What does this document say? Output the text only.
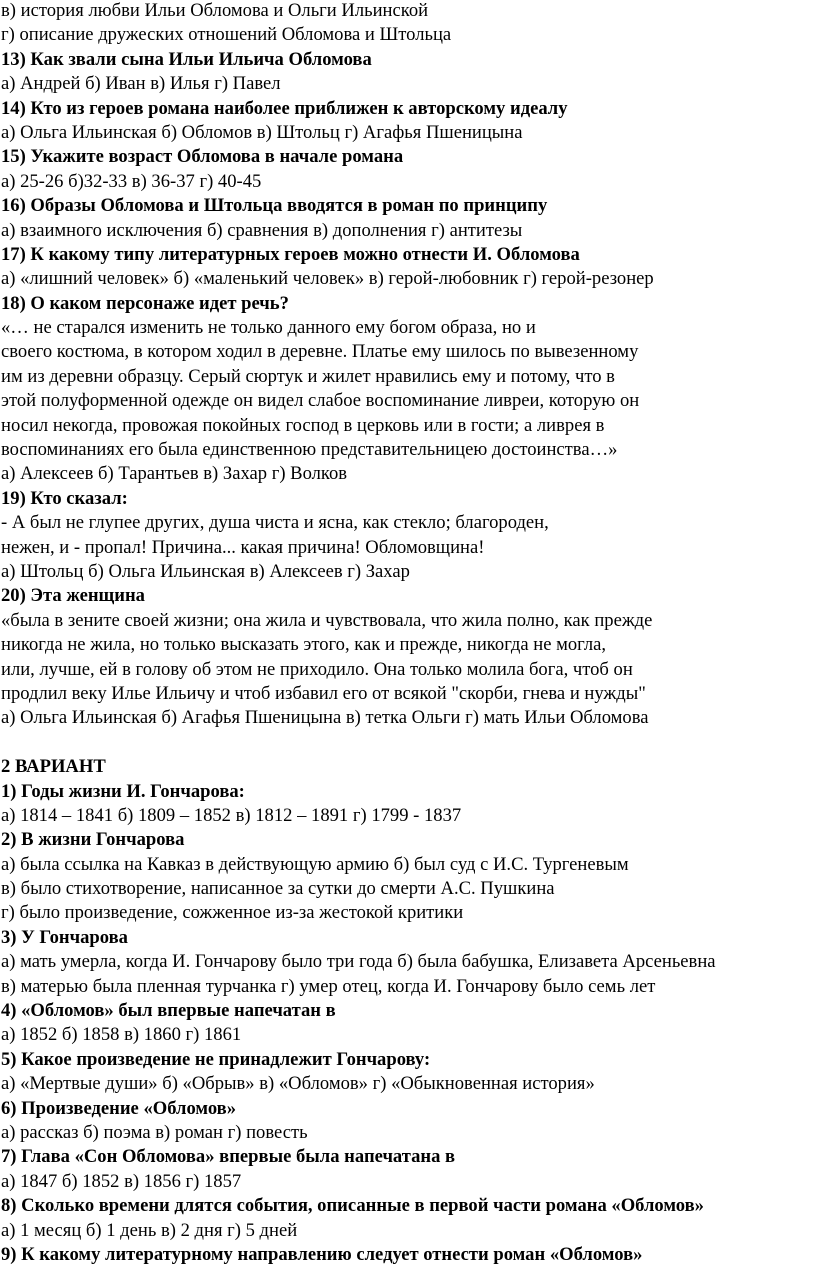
в) история любви Ильи Обломова и Ольги Ильинской
г) описание дружеских отношений Обломова и Штольца
13) Как звали сына Ильи Ильича Обломова
а) Андрей б) Иван в) Илья г) Павел
14) Кто из героев романа наиболее приближен к авторскому идеалу
а) Ольга Ильинская б) Обломов в) Штольц г) Агафья Пшеницына
15) Укажите возраст Обломова в начале романа
а) 25-26 б)32-33 в) 36-37 г) 40-45
16) Образы Обломова и Штольца вводятся в роман по принципу
а) взаимного исключения б) сравнения в) дополнения г) антитезы
17) К какому типу литературных героев можно отнести И. Обломова
а) «лишний человек» б) «маленький человек» в) герой-любовник г) герой-резонер
18) О каком персонаже идет речь?
«… не старался изменить не только данного ему богом образа, но и
своего костюма, в котором ходил в деревне. Платье ему шилось по вывезенному
им из деревни образцу. Серый сюртук и жилет нравились ему и потому, что в
этой полуформенной одежде он видел слабое воспоминание ливреи, которую он
носил некогда, провожая покойных господ в церковь или в гости; а ливрея в
воспоминаниях его была единственною представительницею достоинства…»
а) Алексеев б) Тарантьев в) Захар г) Волков
19) Кто сказал:
- А был не глупее других, душа чиста и ясна, как стекло; благороден,
нежен, и - пропал! Причина... какая причина! Обломовщина!
а) Штольц б) Ольга Ильинская в) Алексеев г) Захар
20) Эта женщина
«была в зените своей жизни; она жила и чувствовала, что жила полно, как прежде
никогда не жила, но только высказать этого, как и прежде, никогда не могла,
или, лучше, ей в голову об этом не приходило. Она только молила бога, чтоб он
продлил веку Илье Ильичу и чтоб избавил его от всякой "скорби, гнева и нужды"
а) Ольга Ильинская б) Агафья Пшеницына в) тетка Ольги г) мать Ильи Обломова
2 ВАРИАНТ
1) Годы жизни И. Гончарова:
а) 1814 – 1841 б) 1809 – 1852 в) 1812 – 1891 г) 1799 - 1837
2) В жизни Гончарова
а) была ссылка на Кавказ в действующую армию б) был суд с И.С. Тургеневым
в) было стихотворение, написанное за сутки до смерти А.С. Пушкина
г) было произведение, сожженное из-за жестокой критики
3) У Гончарова
а) мать умерла, когда И. Гончарову было три года б) была бабушка, Елизавета Арсеньевна
в) матерью была пленная турчанка г) умер отец, когда И. Гончарову было семь лет
4) «Обломов» был впервые напечатан в
а) 1852 б) 1858 в) 1860 г) 1861
5) Какое произведение не принадлежит Гончарову:
а) «Мертвые души» б) «Обрыв» в) «Обломов» г) «Обыкновенная история»
6) Произведение «Обломов»
а) рассказ б) поэма в) роман г) повесть
7) Глава «Сон Обломова» впервые была напечатана в
а) 1847 б) 1852 в) 1856 г) 1857
8) Сколько времени длятся события, описанные в первой части романа «Обломов»
а) 1 месяц б) 1 день в) 2 дня г) 5 дней
9) К какому литературному направлению следует отнести роман «Обломов»
